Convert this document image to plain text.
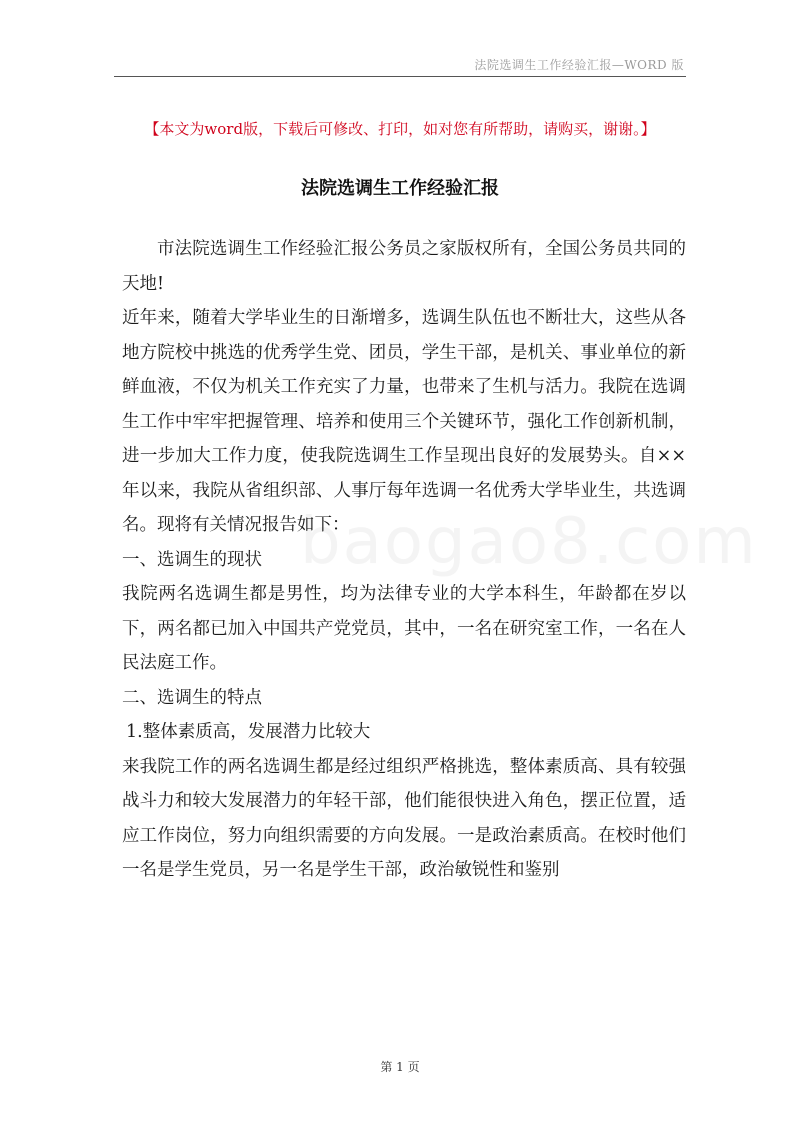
法院选调生工作经验汇报—WORD 版
【本文为word版，下载后可修改、打印，如对您有所帮助，请购买，谢谢。】
法院选调生工作经验汇报
baogao8.com

市法院选调生工作经验汇报公务员之家版权所有，全国公务员共同的天地!

近年来，随着大学毕业生的日渐增多，选调生队伍也不断壮大，这些从各地方院校中挑选的优秀学生党、团员，学生干部，是机关、事业单位的新鲜血液，不仅为机关工作充实了力量，也带来了生机与活力。我院在选调生工作中牢牢把握管理、培养和使用三个关键环节，强化工作创新机制，进一步加大工作力度，使我院选调生工作呈现出良好的发展势头。自××年以来，我院从省组织部、人事厅每年选调一名优秀大学毕业生，共选调名。现将有关情况报告如下：

一、选调生的现状

我院两名选调生都是男性，均为法律专业的大学本科生，年龄都在岁以下，两名都已加入中国共产党党员，其中，一名在研究室工作，一名在人民法庭工作。

二、选调生的特点

1.整体素质高，发展潜力比较大

来我院工作的两名选调生都是经过组织严格挑选，整体素质高、具有较强战斗力和较大发展潜力的年轻干部，他们能很快进入角色，摆正位置，适应工作岗位，努力向组织需要的方向发展。一是政治素质高。在校时他们一名是学生党员，另一名是学生干部，政治敏锐性和鉴别

第 1 页
